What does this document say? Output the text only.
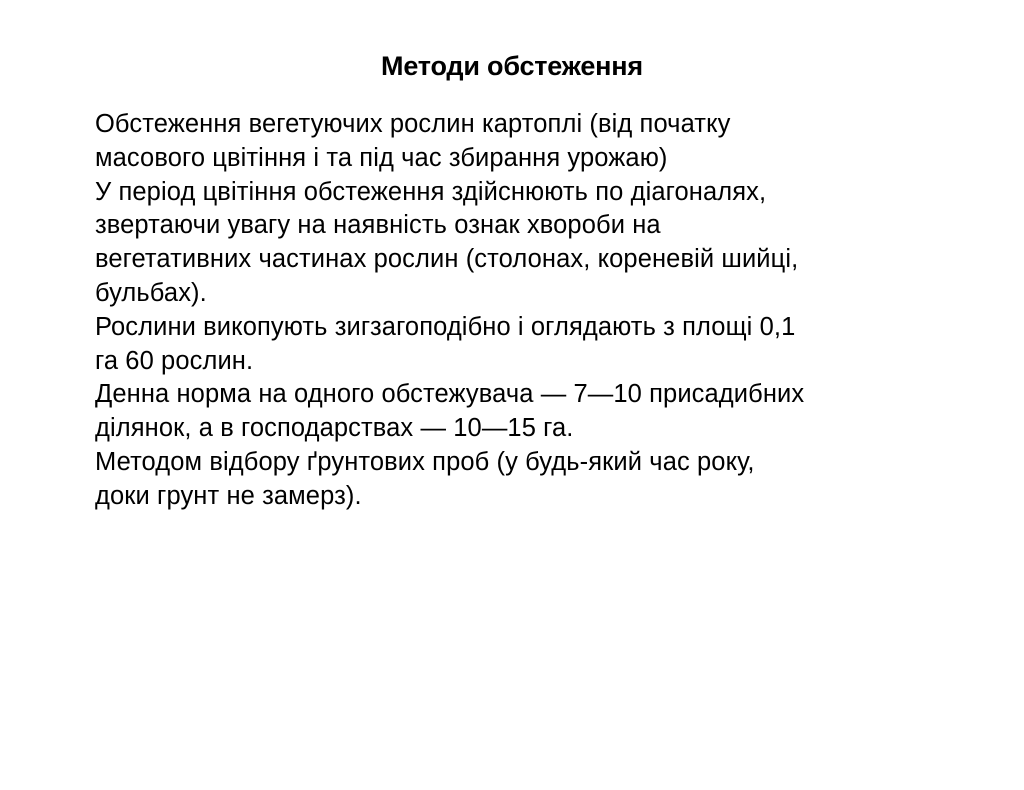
Методи обстеження
Обстеження вегетуючих рослин картоплі (від початку
масового цвітіння і та під час збирання урожаю)
У період цвітіння обстеження здійснюють по діагоналях,
звертаючи увагу на наявність ознак хвороби на
вегетативних частинах рослин (столонах, кореневій шийці,
бульбах).
Рослини викопують зигзагоподібно і оглядають з площі 0,1
га 60 рослин.
Денна норма на одного обстежувача — 7—10 присадибних
ділянок, а в господарствах — 10—15 га.
Методом відбору ґрунтових проб (у будь-який час року,
доки грунт не замерз).
